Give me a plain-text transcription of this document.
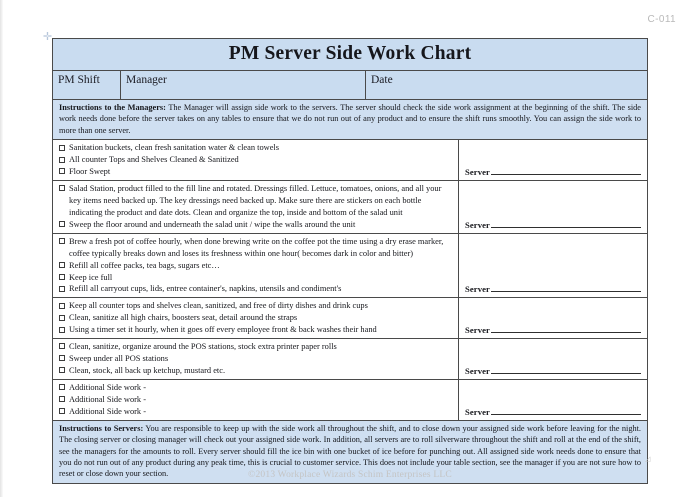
C-011
✛
PM Server Side Work Chart
PM Shift	Manager	Date
Instructions to the Managers: The Manager will assign side work to the servers. The server should check the side work assignment at the beginning of the shift. The side work needs done before the server takes on any tables to ensure that we do not run out of any product and to ensure the shift runs smoothly. You can assign the side work to more than one server.
Sanitation buckets, clean fresh sanitation water & clean towels
All counter Tops and Shelves Cleaned & Sanitized
Floor Swept	Server
Salad Station, product filled to the fill line and rotated. Dressings filled. Lettuce, tomatoes, onions, and all your key items need backed up. The key dressings need backed up. Make sure there are stickers on each bottle indicating the product and date dots. Clean and organize the top, inside and bottom of the salad unit
Sweep the floor around and underneath the salad unit / wipe the walls around the unit	Server
Brew a fresh pot of coffee hourly, when done brewing write on the coffee pot the time using a dry erase marker, coffee typically breaks down and loses its freshness within one hour( becomes dark in color and bitter)
Refill all coffee packs, tea bags, sugars etc…
Keep ice full
Refill all carryout cups, lids, entree container's, napkins, utensils and condiment's	Server
Keep all counter tops and shelves clean, sanitized, and free of dirty dishes and drink cups
Clean, sanitize all high chairs, boosters seat, detail around the straps
Using a timer set it hourly, when it goes off every employee front & back washes their hand	Server
Clean, sanitize, organize around the POS stations, stock extra printer paper rolls
Sweep under all POS stations
Clean, stock, all back up ketchup, mustard etc.	Server
Additional Side work -
Additional Side work -
Additional Side work -	Server
Instructions to Servers: You are responsible to keep up with the side work all throughout the shift, and to close down your assigned side work before leaving for the night. The closing server or closing manager will check out your assigned side work. In addition, all servers are to roll silverware throughout the shift and roll at the end of the shift, see the managers for the amounts to roll. Every server should fill the ice bin with one bucket of ice before for punching out. All assigned side work needs done to ensure that you do not run out of any product during any peak time, this is crucial to customer service. This does not include your table section, see the manager if you are not sure how to reset or close down your section.
◿
©2013 Workplace Wizards Schim Enterprises LLC
